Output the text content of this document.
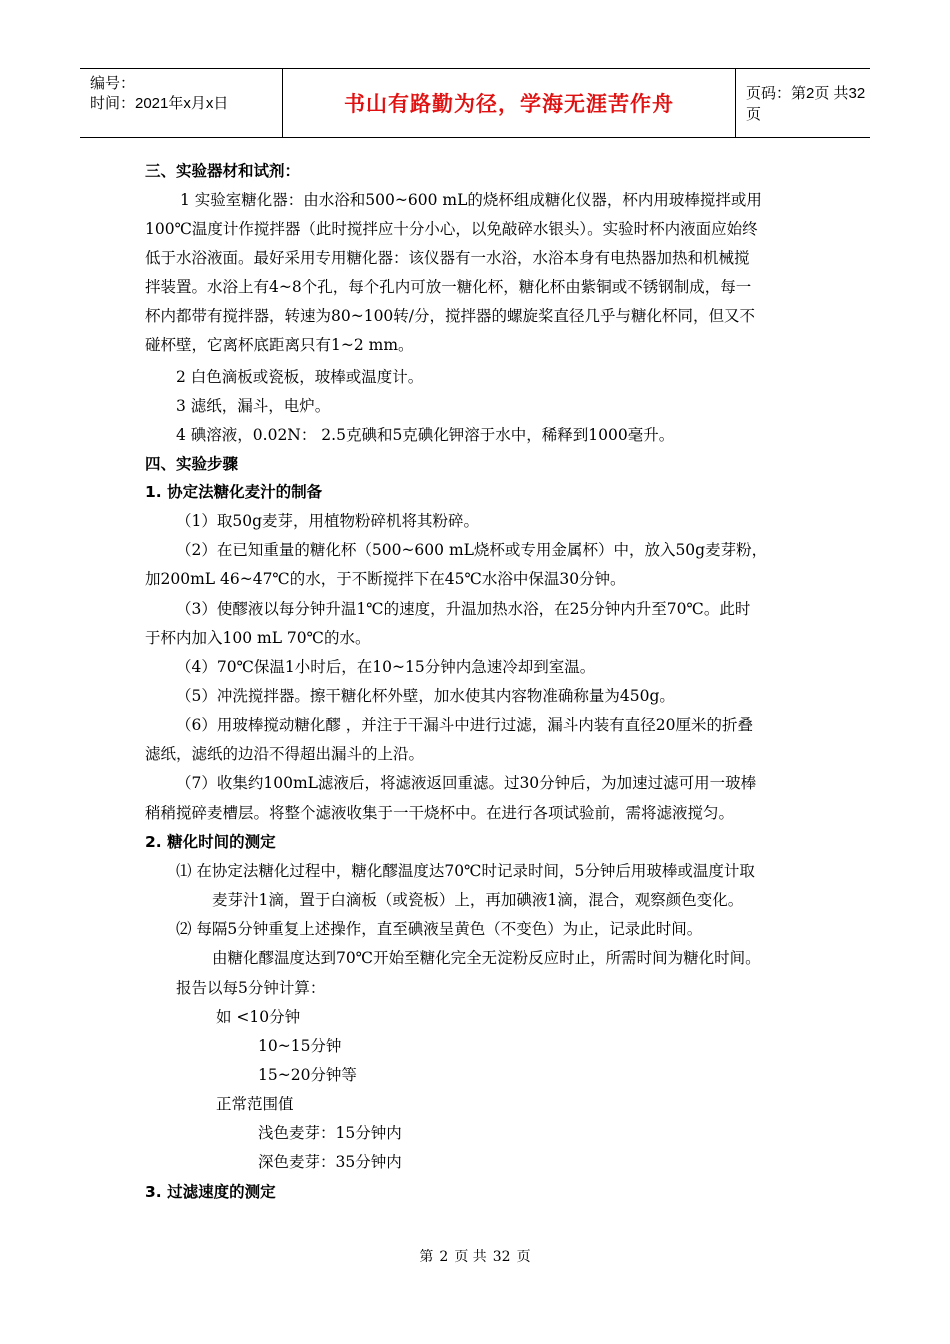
编号：
时间：2021年x月x日	书山有路勤为径，学海无涯苦作舟	页码：第2页 共32页
三、实验器材和试剂：
1 实验室糖化器：由水浴和500~600 mL的烧杯组成糖化仪器，杯内用玻棒搅拌或用
100℃温度计作搅拌器（此时搅拌应十分小心，以免敲碎水银头）。实验时杯内液面应始终
低于水浴液面。最好采用专用糖化器：该仪器有一水浴，水浴本身有电热器加热和机械搅
拌装置。水浴上有4~8个孔，每个孔内可放一糖化杯，糖化杯由紫铜或不锈钢制成，每一
杯内都带有搅拌器，转速为80~100转/分，搅拌器的螺旋桨直径几乎与糖化杯同，但又不
碰杯壁，它离杯底距离只有1~2 mm。
2 白色滴板或瓷板，玻棒或温度计。
3 滤纸，漏斗，电炉。
4 碘溶液，0.02N： 2.5克碘和5克碘化钾溶于水中，稀释到1000毫升。
四、实验步骤
1. 协定法糖化麦汁的制备
（1）取50g麦芽，用植物粉碎机将其粉碎。
（2）在已知重量的糖化杯（500~600 mL烧杯或专用金属杯）中，放入50g麦芽粉，
加200mL 46~47℃的水，于不断搅拌下在45℃水浴中保温30分钟。
（3）使醪液以每分钟升温1℃的速度，升温加热水浴，在25分钟内升至70℃。此时
于杯内加入100 mL 70℃的水。
（4）70℃保温1小时后，在10~15分钟内急速冷却到室温。
（5）冲洗搅拌器。擦干糖化杯外壁，加水使其内容物准确称量为450g。
（6）用玻棒搅动糖化醪 ，并注于干漏斗中进行过滤，漏斗内装有直径20厘米的折叠
滤纸，滤纸的边沿不得超出漏斗的上沿。
（7）收集约100mL滤液后，将滤液返回重滤。过30分钟后，为加速过滤可用一玻棒
稍稍搅碎麦槽层。将整个滤液收集于一干烧杯中。在进行各项试验前，需将滤液搅匀。
2. 糖化时间的测定
⑴ 在协定法糖化过程中，糖化醪温度达70℃时记录时间，5分钟后用玻棒或温度计取
麦芽汁1滴，置于白滴板（或瓷板）上，再加碘液1滴，混合，观察颜色变化。
⑵ 每隔5分钟重复上述操作，直至碘液呈黄色（不变色）为止，记录此时间。
由糖化醪温度达到70℃开始至糖化完全无淀粉反应时止，所需时间为糖化时间。
报告以每5分钟计算：
如 <10分钟
10~15分钟
15~20分钟等
正常范围值
浅色麦芽：15分钟内
深色麦芽：35分钟内
3. 过滤速度的测定
第 2 页 共 32 页
